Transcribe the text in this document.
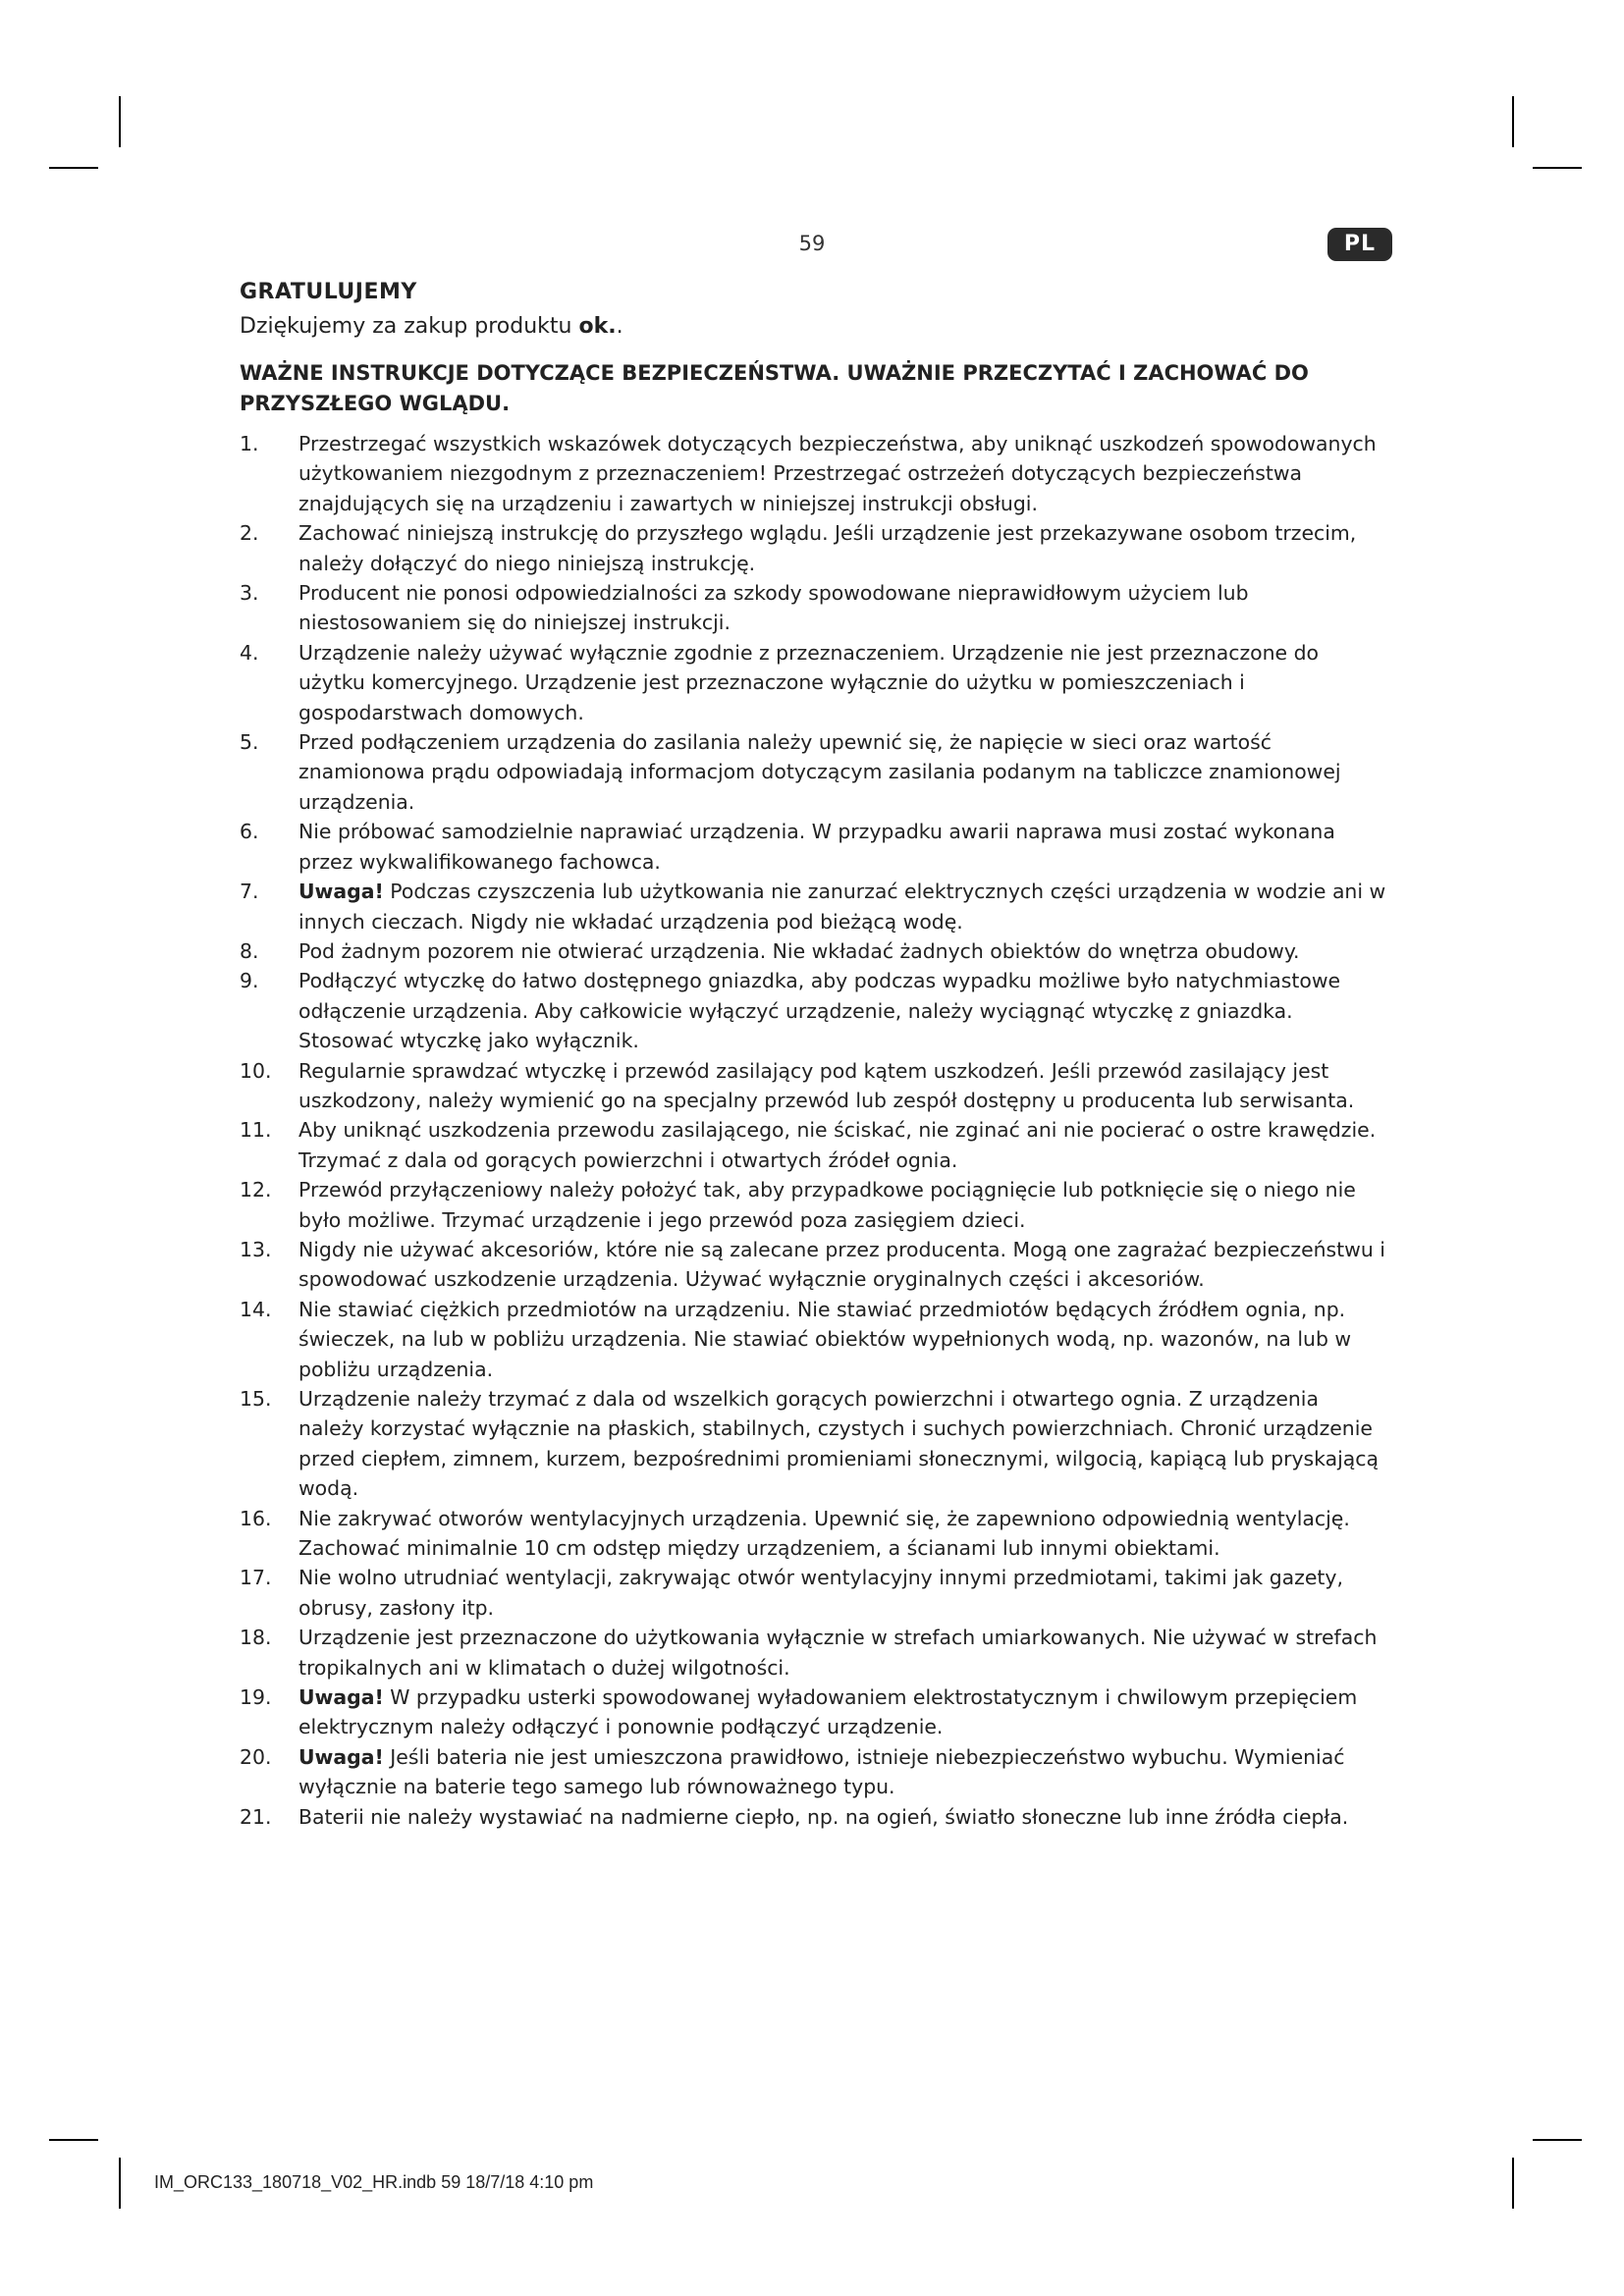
59	PL
GRATULUJEMY
Dziękujemy za zakup produktu ok..
WAŻNE INSTRUKCJE DOTYCZĄCE BEZPIECZEŃSTWA. UWAŻNIE PRZECZYTAĆ I ZACHOWAĆ DO PRZYSZŁEGO WGLĄDU.
1.	Przestrzegać wszystkich wskazówek dotyczących bezpieczeństwa, aby uniknąć uszkodzeń spowodowanych użytkowaniem niezgodnym z przeznaczeniem! Przestrzegać ostrzeżeń dotyczących bezpieczeństwa znajdujących się na urządzeniu i zawartych w niniejszej instrukcji obsługi.
2.	Zachować niniejszą instrukcję do przyszłego wglądu. Jeśli urządzenie jest przekazywane osobom trzecim, należy dołączyć do niego niniejszą instrukcję.
3.	Producent nie ponosi odpowiedzialności za szkody spowodowane nieprawidłowym użyciem lub niestosowaniem się do niniejszej instrukcji.
4.	Urządzenie należy używać wyłącznie zgodnie z przeznaczeniem. Urządzenie nie jest przeznaczone do użytku komercyjnego. Urządzenie jest przeznaczone wyłącznie do użytku w pomieszczeniach i gospodarstwach domowych.
5.	Przed podłączeniem urządzenia do zasilania należy upewnić się, że napięcie w sieci oraz wartość znamionowa prądu odpowiadają informacjom dotyczącym zasilania podanym na tabliczce znamionowej urządzenia.
6.	Nie próbować samodzielnie naprawiać urządzenia. W przypadku awarii naprawa musi zostać wykonana przez wykwalifikowanego fachowca.
7.	Uwaga! Podczas czyszczenia lub użytkowania nie zanurzać elektrycznych części urządzenia w wodzie ani w innych cieczach. Nigdy nie wkładać urządzenia pod bieżącą wodę.
8.	Pod żadnym pozorem nie otwierać urządzenia. Nie wkładać żadnych obiektów do wnętrza obudowy.
9.	Podłączyć wtyczkę do łatwo dostępnego gniazdka, aby podczas wypadku możliwe było natychmiastowe odłączenie urządzenia. Aby całkowicie wyłączyć urządzenie, należy wyciągnąć wtyczkę z gniazdka. Stosować wtyczkę jako wyłącznik.
10.	Regularnie sprawdzać wtyczkę i przewód zasilający pod kątem uszkodzeń. Jeśli przewód zasilający jest uszkodzony, należy wymienić go na specjalny przewód lub zespół dostępny u producenta lub serwisanta.
11.	Aby uniknąć uszkodzenia przewodu zasilającego, nie ściskać, nie zginać ani nie pocierać o ostre krawędzie. Trzymać z dala od gorących powierzchni i otwartych źródeł ognia.
12.	Przewód przyłączeniowy należy położyć tak, aby przypadkowe pociągnięcie lub potknięcie się o niego nie było możliwe. Trzymać urządzenie i jego przewód poza zasięgiem dzieci.
13.	Nigdy nie używać akcesoriów, które nie są zalecane przez producenta. Mogą one zagrażać bezpieczeństwu i spowodować uszkodzenie urządzenia. Używać wyłącznie oryginalnych części i akcesoriów.
14.	Nie stawiać ciężkich przedmiotów na urządzeniu. Nie stawiać przedmiotów będących źródłem ognia, np. świeczek, na lub w pobliżu urządzenia. Nie stawiać obiektów wypełnionych wodą, np. wazonów, na lub w pobliżu urządzenia.
15.	Urządzenie należy trzymać z dala od wszelkich gorących powierzchni i otwartego ognia. Z urządzenia należy korzystać wyłącznie na płaskich, stabilnych, czystych i suchych powierzchniach. Chronić urządzenie przed ciepłem, zimnem, kurzem, bezpośrednimi promieniami słonecznymi, wilgocią, kapiącą lub pryskającą wodą.
16.	Nie zakrywać otworów wentylacyjnych urządzenia. Upewnić się, że zapewniono odpowiednią wentylację. Zachować minimalnie 10 cm odstęp między urządzeniem, a ścianami lub innymi obiektami.
17.	Nie wolno utrudniać wentylacji, zakrywając otwór wentylacyjny innymi przedmiotami, takimi jak gazety, obrusy, zasłony itp.
18.	Urządzenie jest przeznaczone do użytkowania wyłącznie w strefach umiarkowanych. Nie używać w strefach tropikalnych ani w klimatach o dużej wilgotności.
19.	Uwaga! W przypadku usterki spowodowanej wyładowaniem elektrostatycznym i chwilowym przepięciem elektrycznym należy odłączyć i ponownie podłączyć urządzenie.
20.	Uwaga! Jeśli bateria nie jest umieszczona prawidłowo, istnieje niebezpieczeństwo wybuchu. Wymieniać wyłącznie na baterie tego samego lub równoważnego typu.
21.	Baterii nie należy wystawiać na nadmierne ciepło, np. na ogień, światło słoneczne lub inne źródła ciepła.
IM_ORC133_180718_V02_HR.indb 59 18/7/18 4:10 pm
